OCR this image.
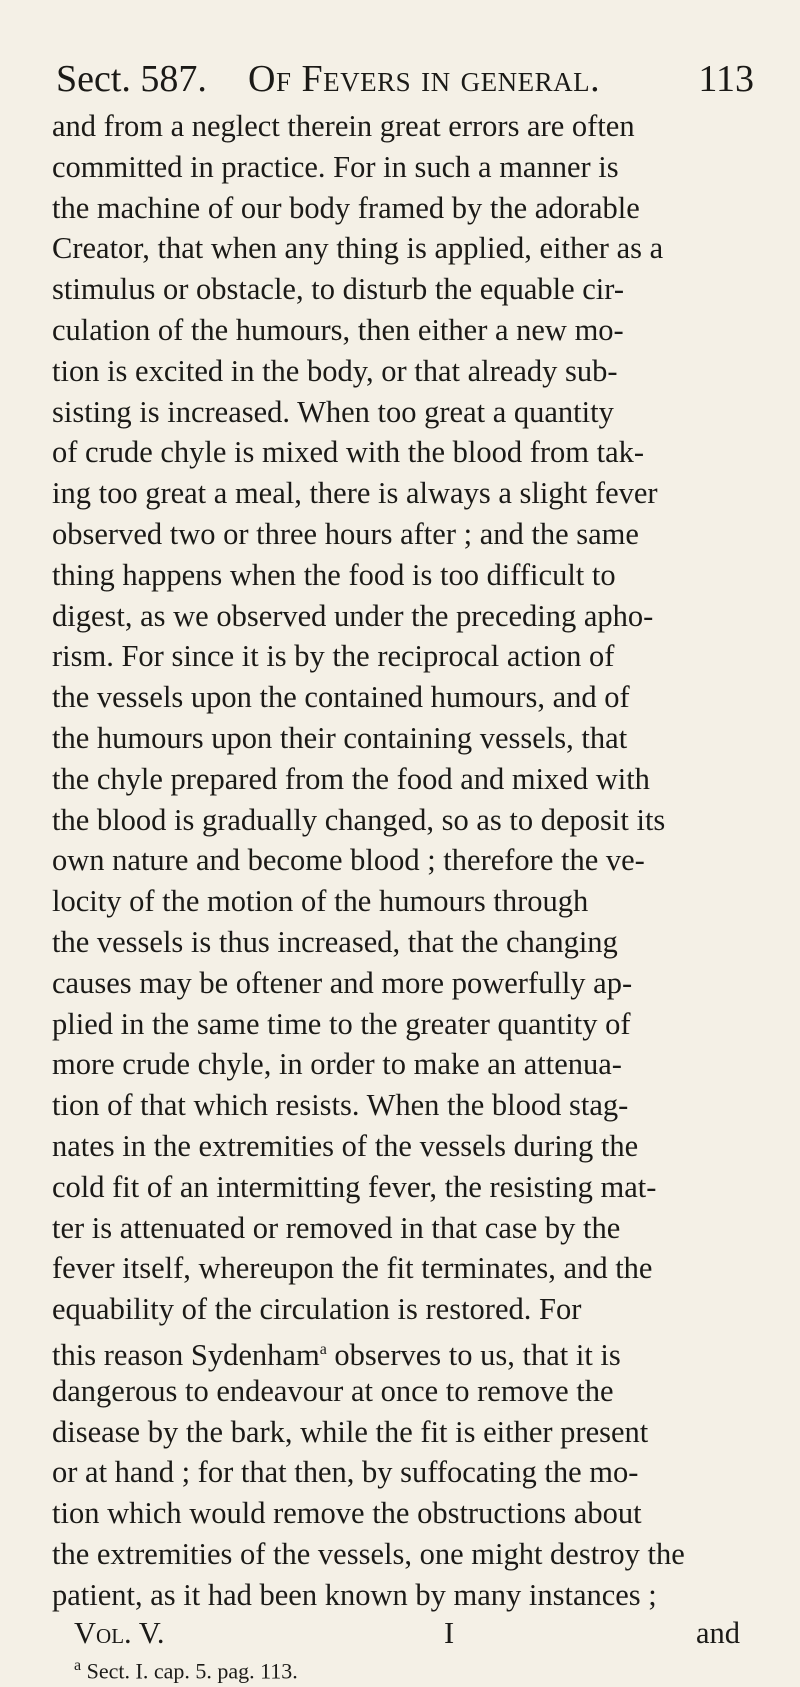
Sect. 587. Of Fevers in general.	113
and from a neglect therein great errors are often
committed in practice. For in such a manner is
the machine of our body framed by the adorable
Creator, that when any thing is applied, either as a
stimulus or obstacle, to disturb the equable cir-
culation of the humours, then either a new mo-
tion is excited in the body, or that already sub-
sisting is increased. When too great a quantity
of crude chyle is mixed with the blood from tak-
ing too great a meal, there is always a slight fever
observed two or three hours after ; and the same
thing happens when the food is too difficult to
digest, as we observed under the preceding apho-
rism. For since it is by the reciprocal action of
the vessels upon the contained humours, and of
the humours upon their containing vessels, that
the chyle prepared from the food and mixed with
the blood is gradually changed, so as to deposit its
own nature and become blood ; therefore the ve-
locity of the motion of the humours through
the vessels is thus increased, that the changing
causes may be oftener and more powerfully ap-
plied in the same time to the greater quantity of
more crude chyle, in order to make an attenua-
tion of that which resists. When the blood stag-
nates in the extremities of the vessels during the
cold fit of an intermitting fever, the resisting mat-
ter is attenuated or removed in that case by the
fever itself, whereupon the fit terminates, and the
equability of the circulation is restored. For
this reason Sydenham$^a$ observes to us, that it is
dangerous to endeavour at once to remove the
disease by the bark, while the fit is either present
or at hand ; for that then, by suffocating the mo-
tion which would remove the obstructions about
the extremities of the vessels, one might destroy the
patient, as it had been known by many instances ;
Vol. V.	I	and
$^a$ Sect. I. cap. 5. pag. 113.
